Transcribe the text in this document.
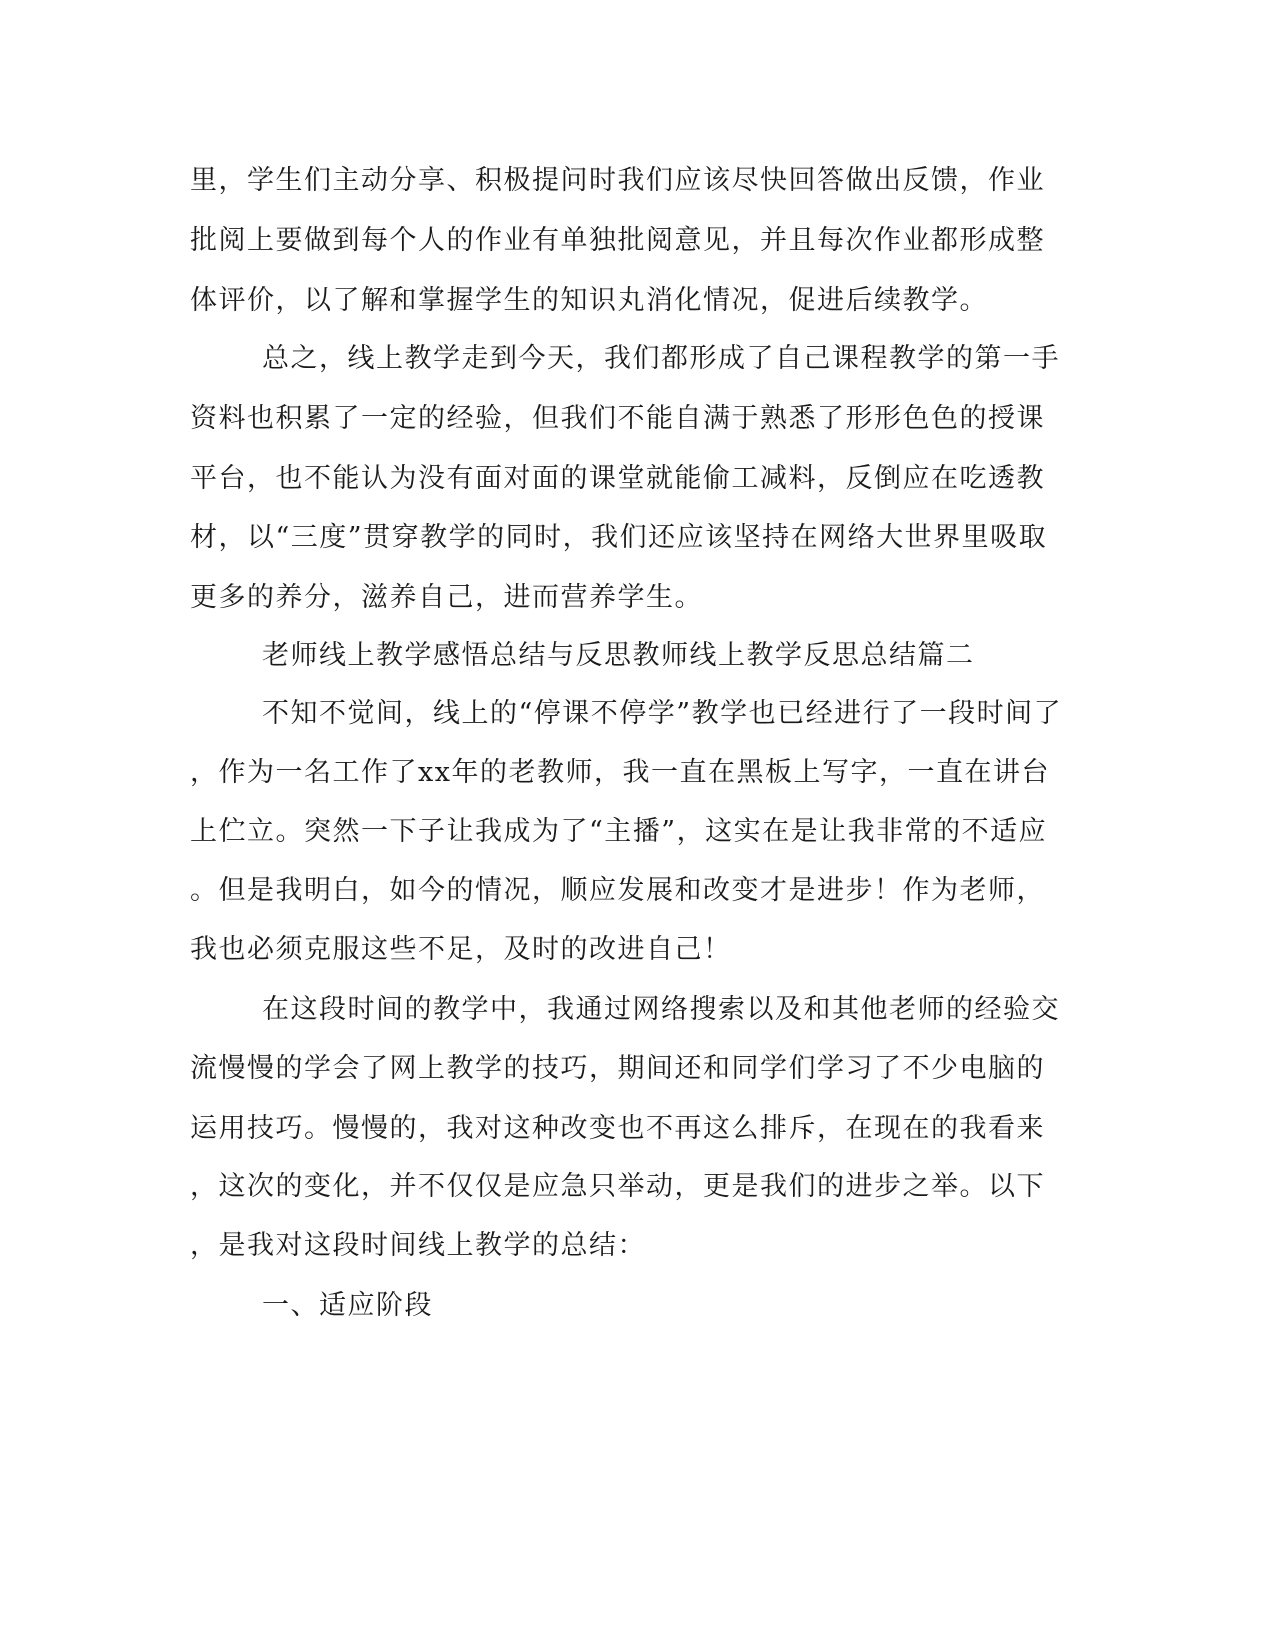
里，学生们主动分享、积极提问时我们应该尽快回答做出反馈，作业
批阅上要做到每个人的作业有单独批阅意见，并且每次作业都形成整
体评价，以了解和掌握学生的知识丸消化情况，促进后续教学。
总之，线上教学走到今天，我们都形成了自己课程教学的第一手
资料也积累了一定的经验，但我们不能自满于熟悉了形形色色的授课
平台，也不能认为没有面对面的课堂就能偷工减料，反倒应在吃透教
材，以“三度”贯穿教学的同时，我们还应该坚持在网络大世界里吸取
更多的养分，滋养自己，进而营养学生。
老师线上教学感悟总结与反思教师线上教学反思总结篇二
不知不觉间，线上的“停课不停学”教学也已经进行了一段时间了
，作为一名工作了xx年的老教师，我一直在黑板上写字，一直在讲台
上伫立。突然一下子让我成为了“主播”，这实在是让我非常的不适应
。但是我明白，如今的情况，顺应发展和改变才是进步！作为老师，
我也必须克服这些不足，及时的改进自己！
在这段时间的教学中，我通过网络搜索以及和其他老师的经验交
流慢慢的学会了网上教学的技巧，期间还和同学们学习了不少电脑的
运用技巧。慢慢的，我对这种改变也不再这么排斥，在现在的我看来
，这次的变化，并不仅仅是应急只举动，更是我们的进步之举。以下
，是我对这段时间线上教学的总结：
一、适应阶段
